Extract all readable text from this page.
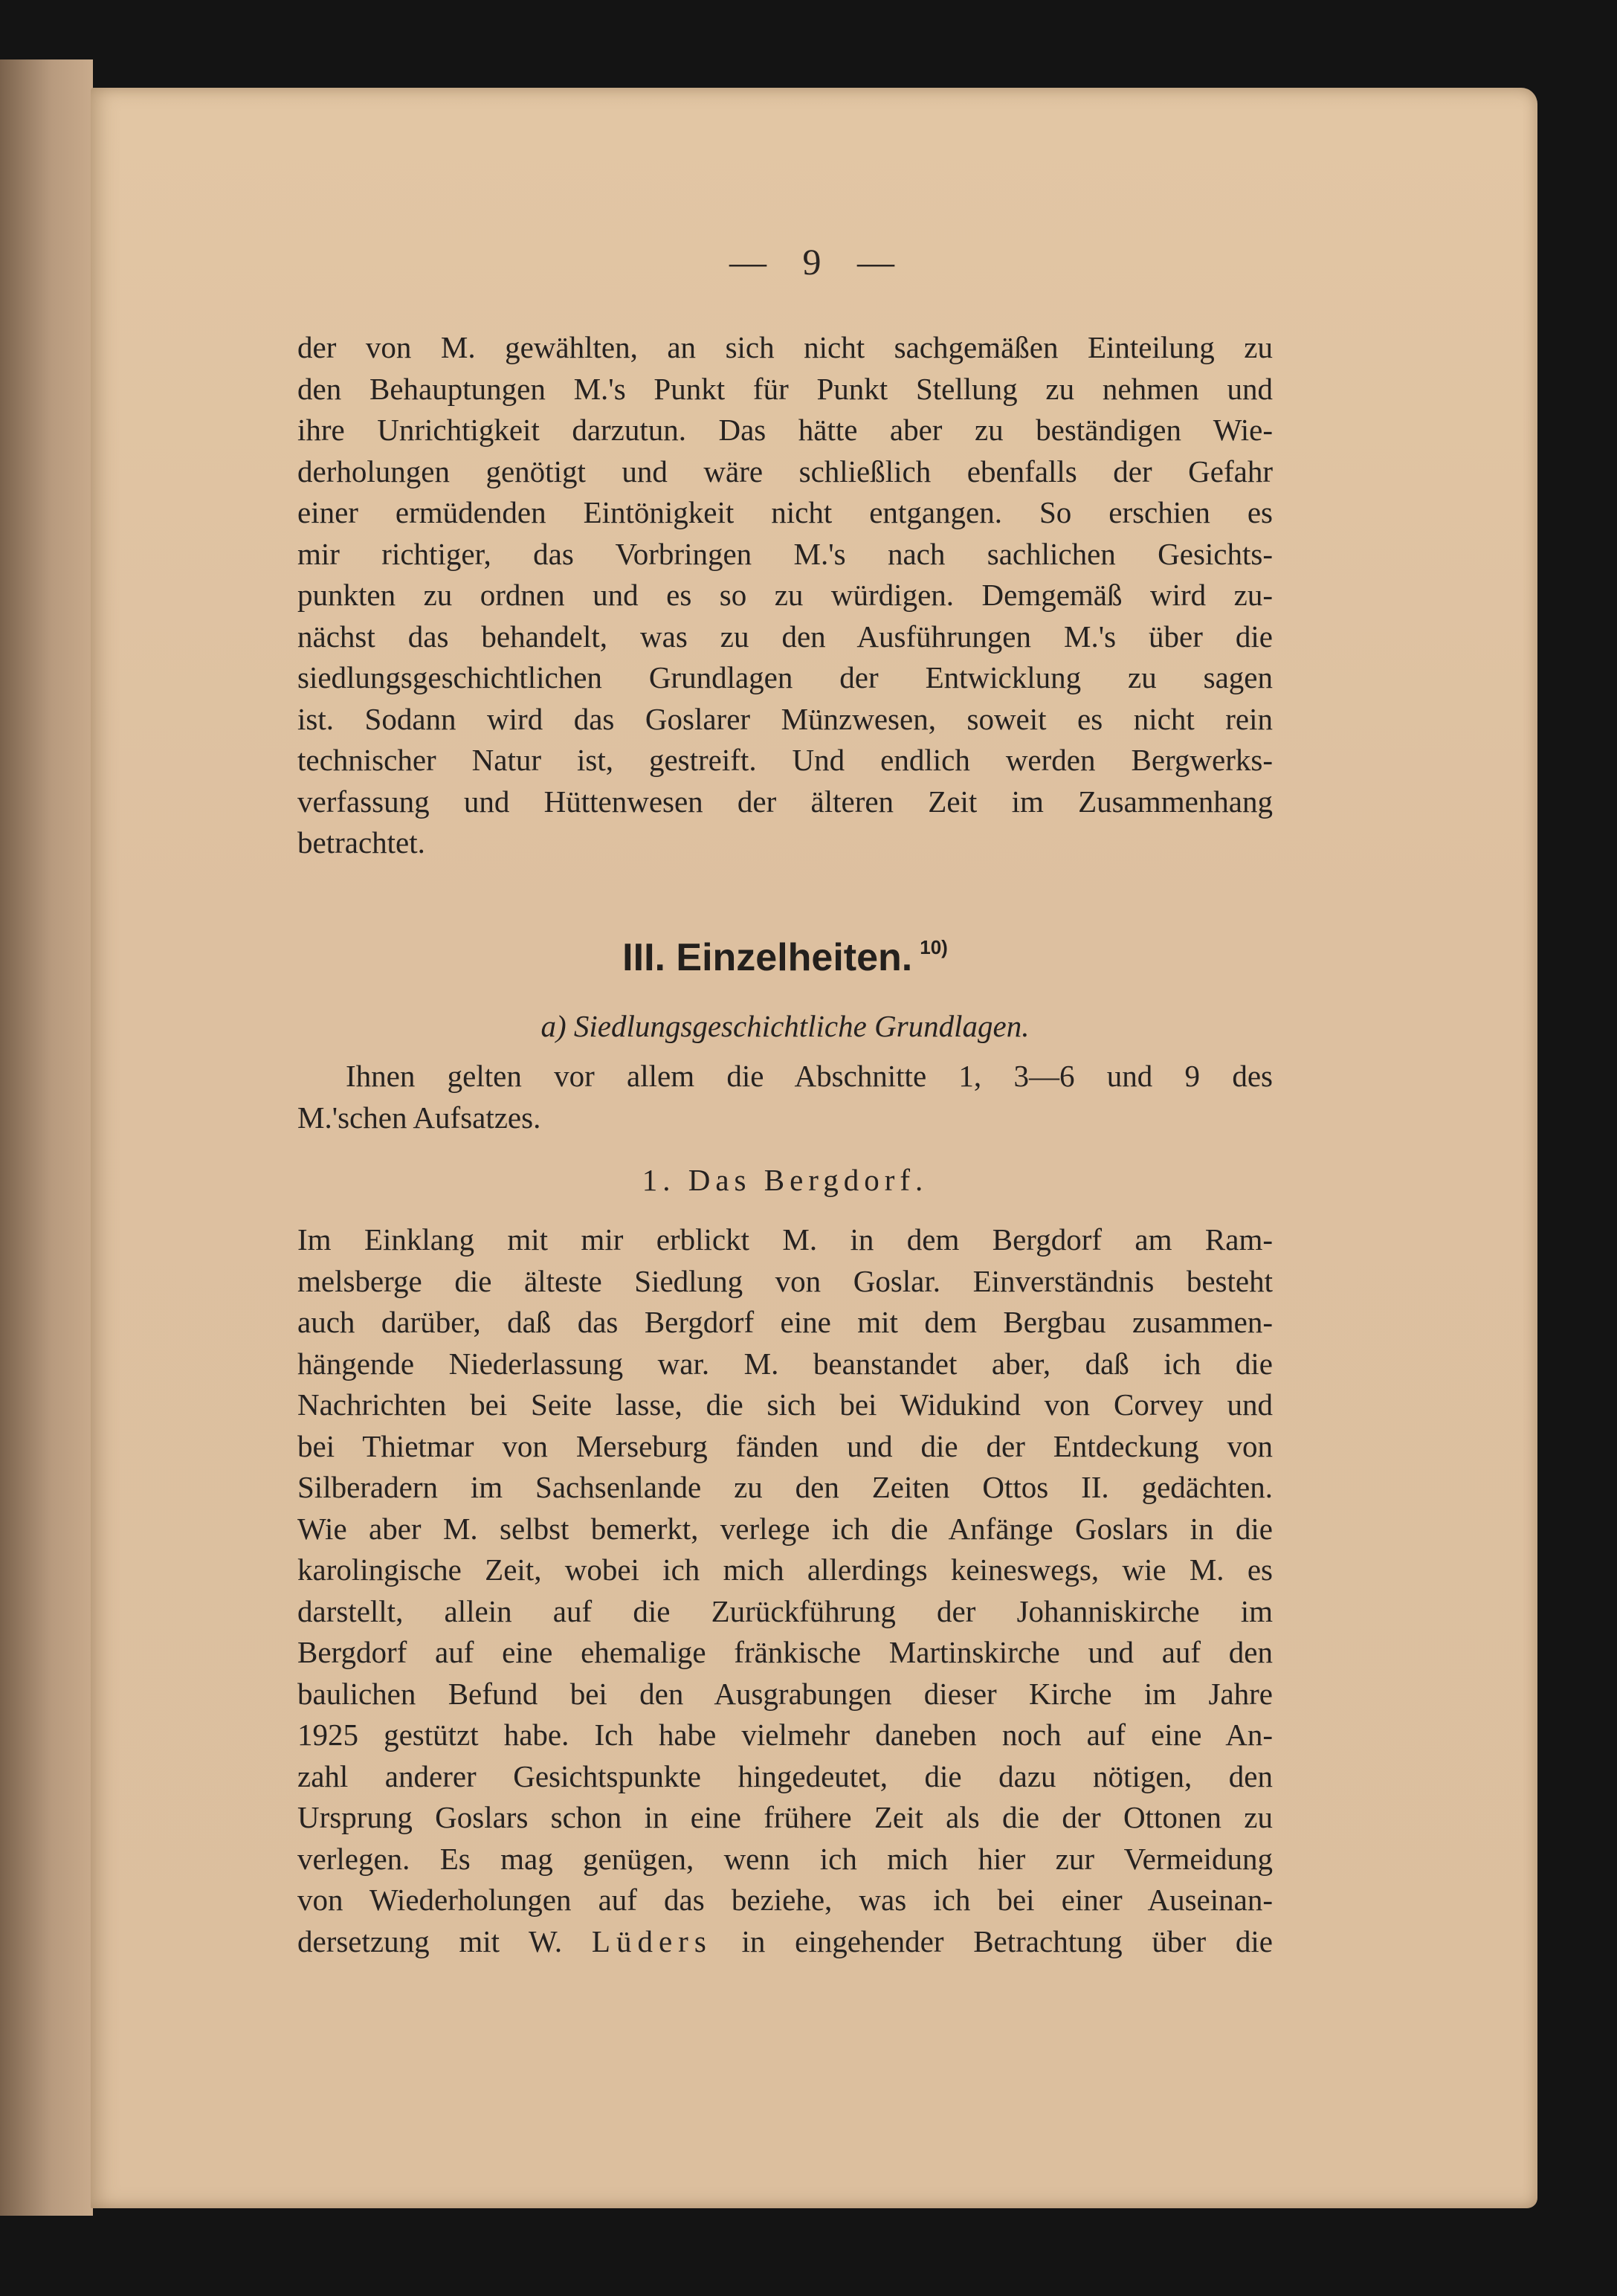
— 9 —

der von M. gewählten, an sich nicht sachgemäßen Einteilung zu

den Behauptungen M.'s Punkt für Punkt Stellung zu nehmen und

ihre Unrichtigkeit darzutun. Das hätte aber zu beständigen Wie-

derholungen genötigt und wäre schließlich ebenfalls der Gefahr

einer ermüdenden Eintönigkeit nicht entgangen. So erschien es

mir richtiger, das Vorbringen M.'s nach sachlichen Gesichts-

punkten zu ordnen und es so zu würdigen. Demgemäß wird zu-

nächst das behandelt, was zu den Ausführungen M.'s über die

siedlungsgeschichtlichen Grundlagen der Entwicklung zu sagen

ist. Sodann wird das Goslarer Münzwesen, soweit es nicht rein

technischer Natur ist, gestreift. Und endlich werden Bergwerks-

verfassung und Hüttenwesen der älteren Zeit im Zusammenhang

betrachtet.

III. Einzelheiten. $^{10)}$
a) Siedlungsgeschichtliche Grundlagen.

Ihnen gelten vor allem die Abschnitte 1, 3—6 und 9 des

M.'schen Aufsatzes.

1. Das Bergdorf.

Im Einklang mit mir erblickt M. in dem Bergdorf am Ram-

melsberge die älteste Siedlung von Goslar. Einverständnis besteht

auch darüber, daß das Bergdorf eine mit dem Bergbau zusammen-

hängende Niederlassung war. M. beanstandet aber, daß ich die

Nachrichten bei Seite lasse, die sich bei Widukind von Corvey und

bei Thietmar von Merseburg fänden und die der Entdeckung von

Silberadern im Sachsenlande zu den Zeiten Ottos II. gedächten.

Wie aber M. selbst bemerkt, verlege ich die Anfänge Goslars in die

karolingische Zeit, wobei ich mich allerdings keineswegs, wie M. es

darstellt, allein auf die Zurückführung der Johanniskirche im

Bergdorf auf eine ehemalige fränkische Martinskirche und auf den

baulichen Befund bei den Ausgrabungen dieser Kirche im Jahre

1925 gestützt habe. Ich habe vielmehr daneben noch auf eine An-

zahl anderer Gesichtspunkte hingedeutet, die dazu nötigen, den

Ursprung Goslars schon in eine frühere Zeit als die der Ottonen zu

verlegen. Es mag genügen, wenn ich mich hier zur Vermeidung

von Wiederholungen auf das beziehe, was ich bei einer Auseinan-

dersetzung mit W. Lüders in eingehender Betrachtung über die
